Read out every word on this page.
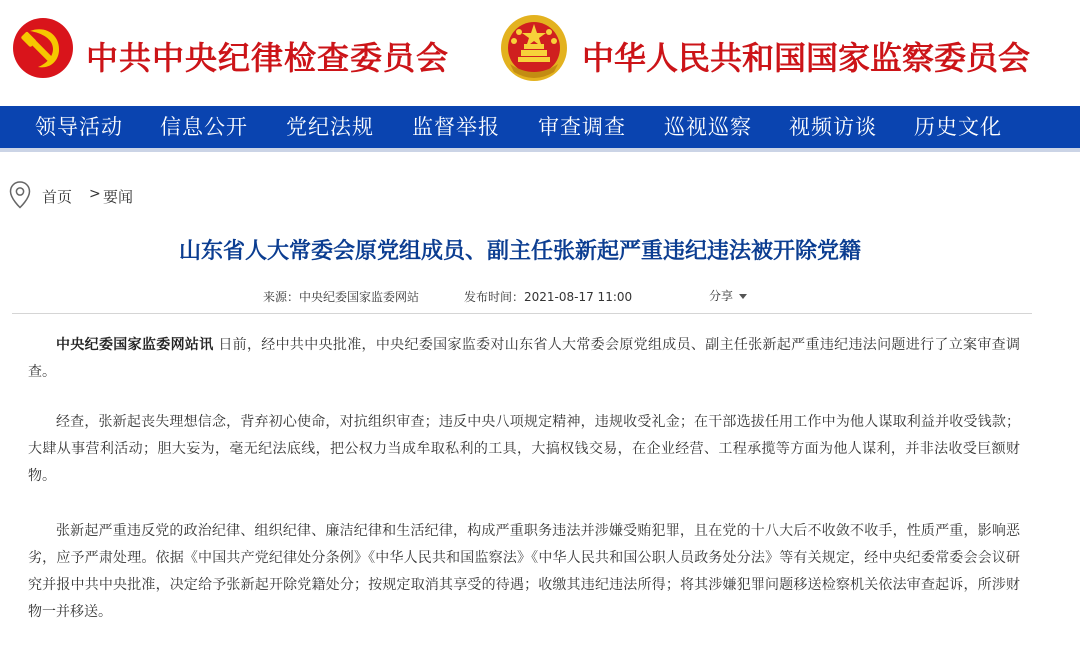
中共中央纪律检查委员会	中华人民共和国国家监察委员会
领导活动 信息公开 党纪法规 监督举报 审查调查 巡视巡察 视频访谈 历史文化
首页 > 要闻
山东省人大常委会原党组成员、副主任张新起严重违纪违法被开除党籍
来源：中央纪委国家监委网站	发布时间：2021-08-17 11:00	分享

中央纪委国家监委网站讯 日前，经中共中央批准，中央纪委国家监委对山东省人大常委会原党组成员、副主任张新起严重违纪违法问题进行了立案审查调查。

经查，张新起丧失理想信念，背弃初心使命，对抗组织审查；违反中央八项规定精神，违规收受礼金；在干部选拔任用工作中为他人谋取利益并收受钱款；大肆从事营利活动；胆大妄为，毫无纪法底线，把公权力当成牟取私利的工具，大搞权钱交易，在企业经营、工程承揽等方面为他人谋利，并非法收受巨额财物。

张新起严重违反党的政治纪律、组织纪律、廉洁纪律和生活纪律，构成严重职务违法并涉嫌受贿犯罪，且在党的十八大后不收敛不收手，性质严重，影响恶劣，应予严肃处理。依据《中国共产党纪律处分条例》《中华人民共和国监察法》《中华人民共和国公职人员政务处分法》等有关规定，经中央纪委常委会会议研究并报中共中央批准，决定给予张新起开除党籍处分；按规定取消其享受的待遇；收缴其违纪违法所得；将其涉嫌犯罪问题移送检察机关依法审查起诉，所涉财物一并移送。
